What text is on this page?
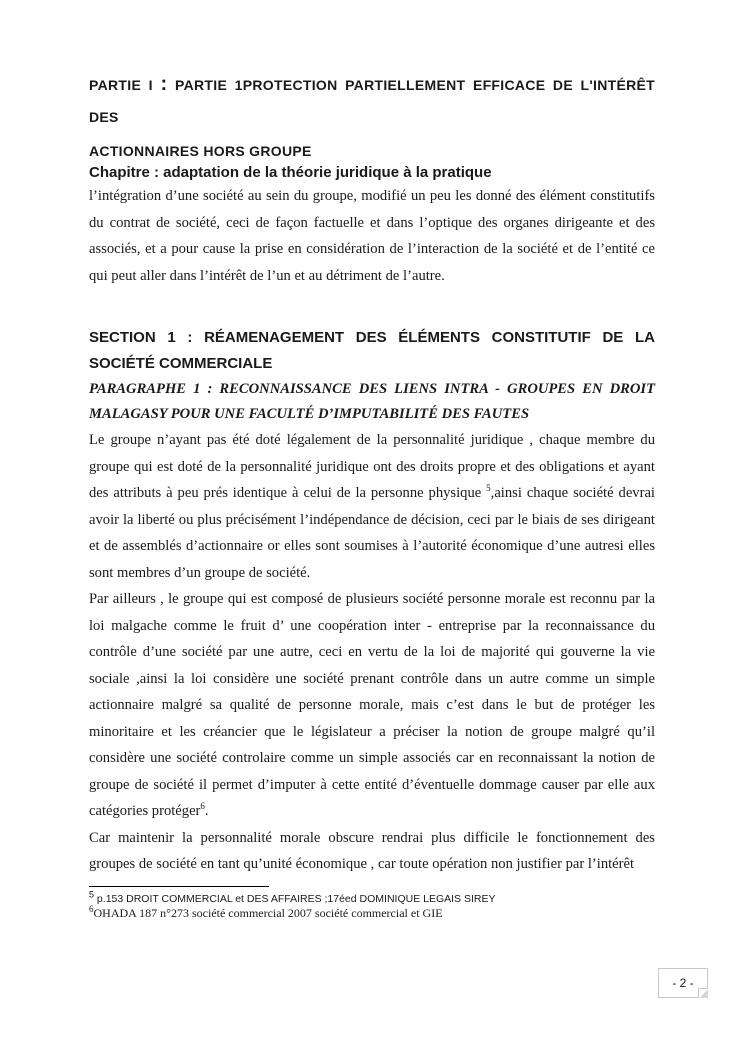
PARTIE I : PARTIE 1PROTECTION PARTIELLEMENT EFFICACE DE L'INTÉRÊT DES

ACTIONNAIRES HORS GROUPE

Chapitre : adaptation de la théorie juridique à la pratique

l’intégration d’une société au sein du groupe, modifié un peu les donné des élément constitutifs du contrat de société, ceci de façon factuelle et dans l’optique des organes dirigeante et des associés, et a pour cause la prise en considération de l’interaction de la société et de l’entité ce qui peut aller dans l’intérêt de l’un et au détriment de l’autre.

SECTION 1 : RÉAMENAGEMENT DES ÉLÉMENTS CONSTITUTIF DE LA SOCIÉTÉ COMMERCIALE

PARAGRAPHE 1 : RECONNAISSANCE DES LIENS INTRA - GROUPES EN DROIT MALAGASY POUR UNE FACULTÉ D’IMPUTABILITÉ DES FAUTES

Le groupe n’ayant pas été doté légalement de la personnalité juridique , chaque membre du groupe qui est doté de la personnalité juridique ont des droits propre et des obligations et ayant des attributs à peu prés identique à celui de la personne physique $^5$,ainsi chaque société devrai avoir la liberté ou plus précisément l’indépendance de décision, ceci par le biais de ses dirigeant et de assemblés d’actionnaire or elles sont soumises à l’autorité économique d’une autresi elles sont membres d’un groupe de société.

Par ailleurs , le groupe qui est composé de plusieurs société personne morale est reconnu par la loi malgache comme le fruit d’ une coopération inter - entreprise par la reconnaissance du contrôle d’une société par une autre, ceci en vertu de la loi de majorité qui gouverne la vie sociale ,ainsi la loi considère une société prenant contrôle dans un autre comme un simple actionnaire malgré sa qualité de personne morale, mais c’est dans le but de protéger les minoritaire et les créancier que le législateur a préciser la notion de groupe malgré qu’il considère une société controlaire comme un simple associés car en reconnaissant la notion de groupe de société il permet d’imputer à cette entité d’éventuelle dommage causer par elle aux catégories protéger$^6$.

Car maintenir la personnalité morale obscure rendrai plus difficile le fonctionnement des groupes de société en tant qu’unité économique , car toute opération non justifier par l’intérêt

$^5$ p.153 DROIT COMMERCIAL et DES AFFAIRES ;17éed DOMINIQUE LEGAIS SIREY
$^6$OHADA 187 n°273 société commercial 2007 société commercial et GIE
- 2 -
